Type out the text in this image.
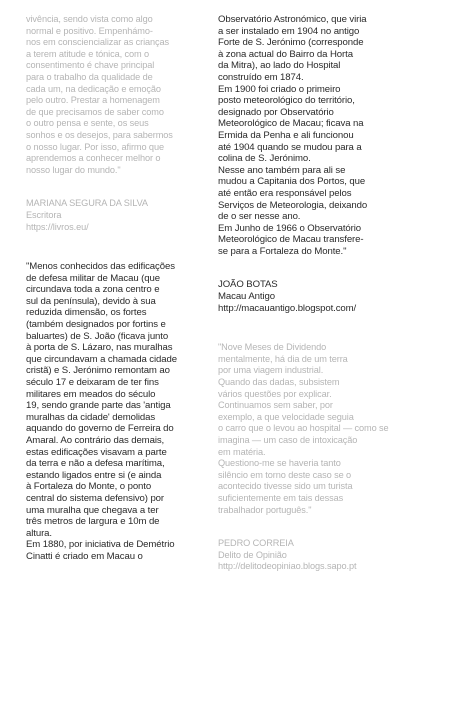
vivência, sendo vista como algo

normal e positivo. Empenhámo-

nos em consciencializar as crianças

a terem atitude e tónica, com o

consentimento é chave principal

para o trabalho da qualidade de

cada um, na dedicação e emoção

pelo outro. Prestar a homenagem

de que precisamos de saber como

o outro pensa e sente, os seus

sonhos e os desejos, para sabermos

o nosso lugar. Por isso, afirmo que

aprendemos a conhecer melhor o

nosso lugar do mundo."

MARIANA SEGURA DA SILVA
Escritora
https://livros.eu/

"Menos conhecidos das edificações

de defesa militar de Macau (que

circundava toda a zona centro e

sul da península), devido à sua

reduzida dimensão, os fortes

(também designados por fortins e

baluartes) de S. João (ficava junto

à porta de S. Lázaro, nas muralhas

que circundavam a chamada cidade

cristã) e S. Jerónimo remontam ao

século 17 e deixaram de ter fins

militares em meados do século

19, sendo grande parte das 'antiga

muralhas da cidade' demolidas

aquando do governo de Ferreira do

Amaral. Ao contrário das demais,

estas edificações visavam a parte

da terra e não a defesa marítima,

estando ligados entre si (e ainda

à Fortaleza do Monte, o ponto

central do sistema defensivo) por

uma muralha que chegava a ter

três metros de largura e 10m de

altura.

Em 1880, por iniciativa de Demétrio

Cinatti é criado em Macau o

Observatório Astronómico, que viria

a ser instalado em 1904 no antigo

Forte de S. Jerónimo (corresponde

à zona actual do Bairro da Horta

da Mitra), ao lado do Hospital

construído em 1874.

Em 1900 foi criado o primeiro

posto meteorológico do território,

designado por Observatório

Meteorológico de Macau; ficava na

Ermida da Penha e ali funcionou

até 1904 quando se mudou para a

colina de S. Jerónimo.

Nesse ano também para ali se

mudou a Capitania dos Portos, que

até então era responsável pelos

Serviços de Meteorologia, deixando

de o ser nesse ano.

Em Junho de 1966 o Observatório

Meteorológico de Macau transfere-

se para a Fortaleza do Monte."

JOÃO BOTAS
Macau Antigo
http://macauantigo.blogspot.com/

"Nove Meses de Dividendo

mentalmente, há dia de um terra

por uma viagem industrial.

Quando das dadas, subsistem

vários questões por explicar.

Continuamos sem saber, por

exemplo, a que velocidade seguia

o carro que o levou ao hospital — como se

imagina — um caso de intoxicação

em matéria.

Questiono-me se haveria tanto

silêncio em torno deste caso se o

acontecido tivesse sido um turista

suficientemente em tais dessas

trabalhador português."

PEDRO CORREIA
Delito de Opinião
http://delitodeopiniao.blogs.sapo.pt
